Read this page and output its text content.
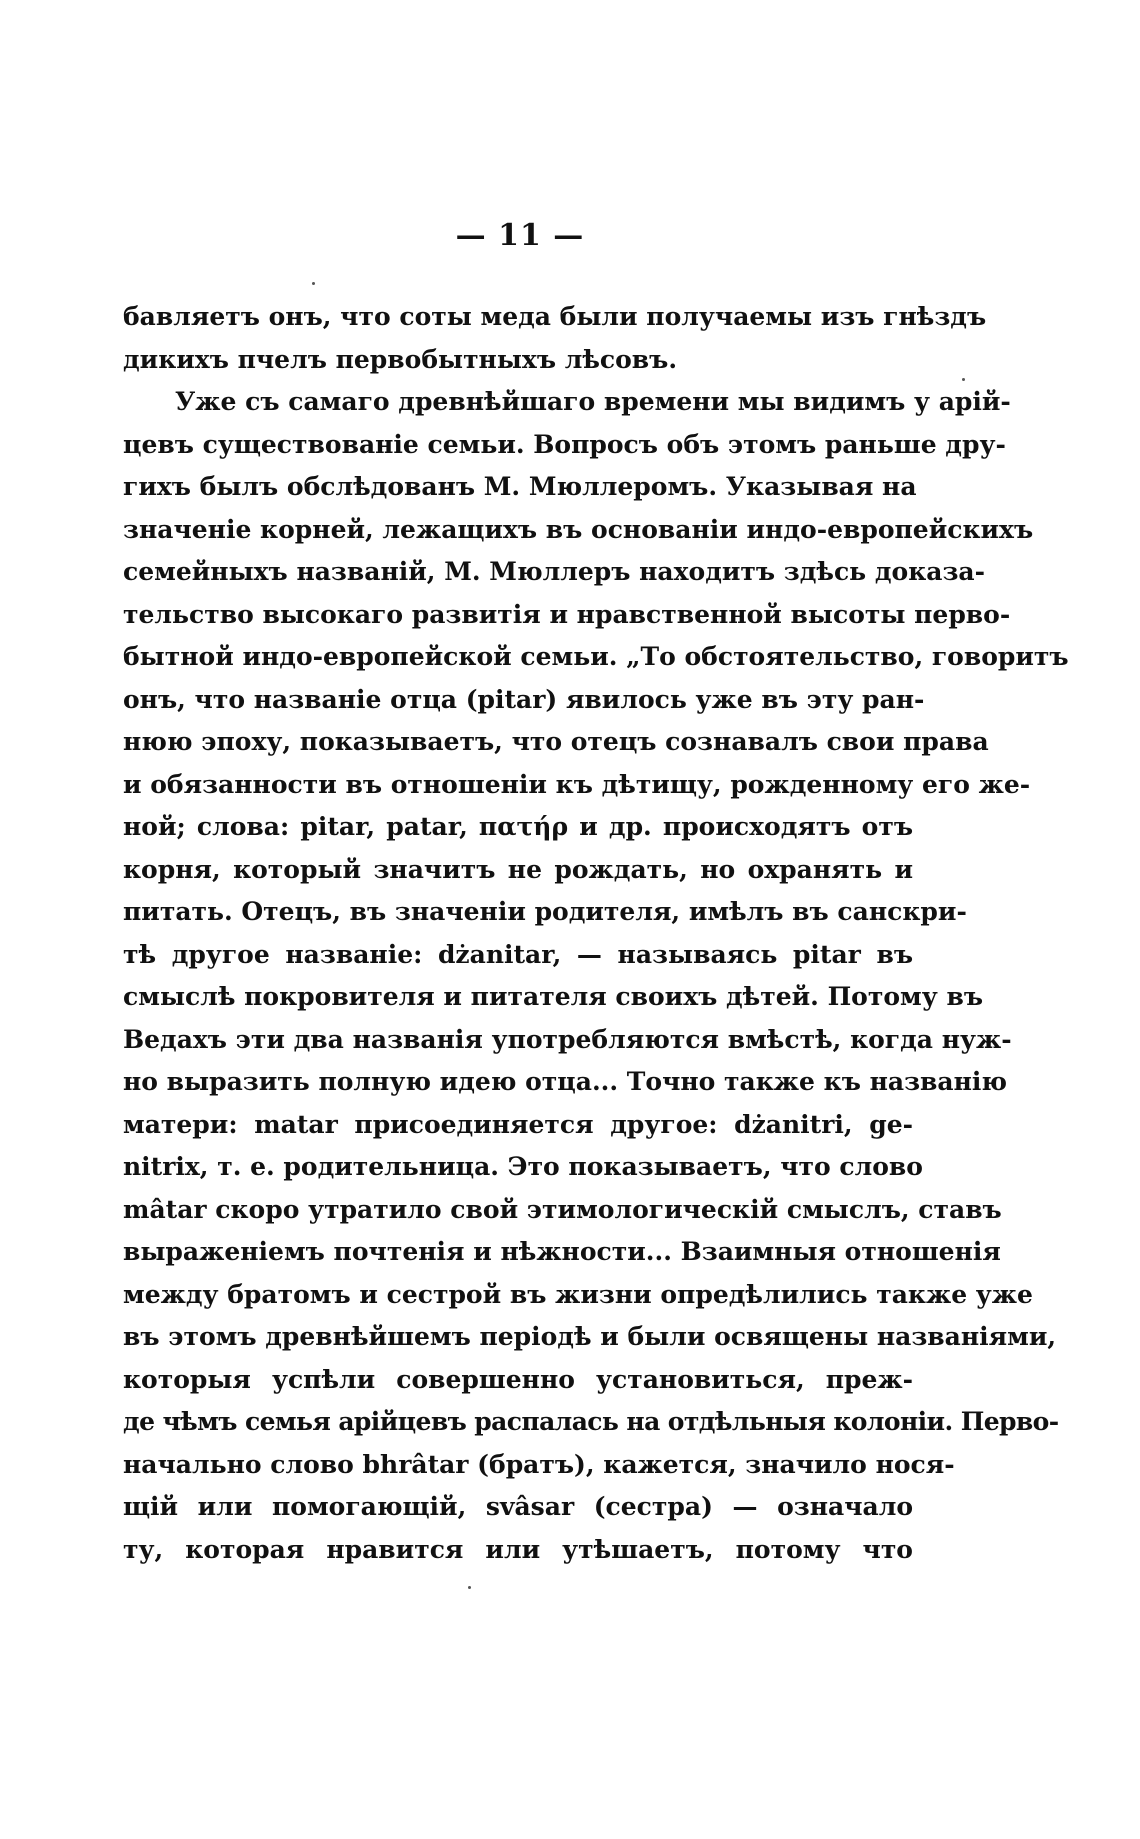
— 11 —
бавляетъ онъ, что соты меда были получаемы изъ гнѣздъ
дикихъ пчелъ первобытныхъ лѣсовъ.
Уже съ самаго древнѣйшаго времени мы видимъ у арій-
цевъ существованіе семьи. Вопросъ объ этомъ раньше дру-
гихъ былъ обслѣдованъ М. Мюллеромъ. Указывая на
значеніе корней, лежащихъ въ основаніи индо-европейскихъ
семейныхъ названій, М. Мюллеръ находитъ здѣсь доказа-
тельство высокаго развитія и нравственной высоты перво-
бытной индо-европейской семьи. „То обстоятельство, говоритъ
онъ, что названіе отца (pitar) явилось уже въ эту ран-
нюю эпоху, показываетъ, что отецъ сознавалъ свои права
и обязанности въ отношеніи къ дѣтищу, рожденному его же-
ной; слова: pitar, patar, πατήρ и др. происходятъ отъ
корня, который значитъ не рождать, но охранять и
питать. Отецъ, въ значеніи родителя, имѣлъ въ санскри-
тѣ другое названіе: dżanitar, — называясь pitar въ
смыслѣ покровителя и питателя своихъ дѣтей. Потому въ
Ведахъ эти два названія употребляются вмѣстѣ, когда нуж-
но выразить полную идею отца... Точно также къ названію
матери: matar присоединяется другое: dżanitri, ge-
nitrix, т. е. родительница. Это показываетъ, что слово
mâtar скоро утратило свой этимологическій смыслъ, ставъ
выраженіемъ почтенія и нѣжности... Взаимныя отношенія
между братомъ и сестрой въ жизни опредѣлились также уже
въ этомъ древнѣйшемъ періодѣ и были освящены названіями,
которыя успѣли совершенно установиться, преж-
де чѣмъ семья арійцевъ распалась на отдѣльныя колоніи. Перво-
начально слово bhrâtar (братъ), кажется, значило нося-
щій или помогающій, svâsar (сестра) — означало
ту, которая нравится или утѣшаетъ, потому что
